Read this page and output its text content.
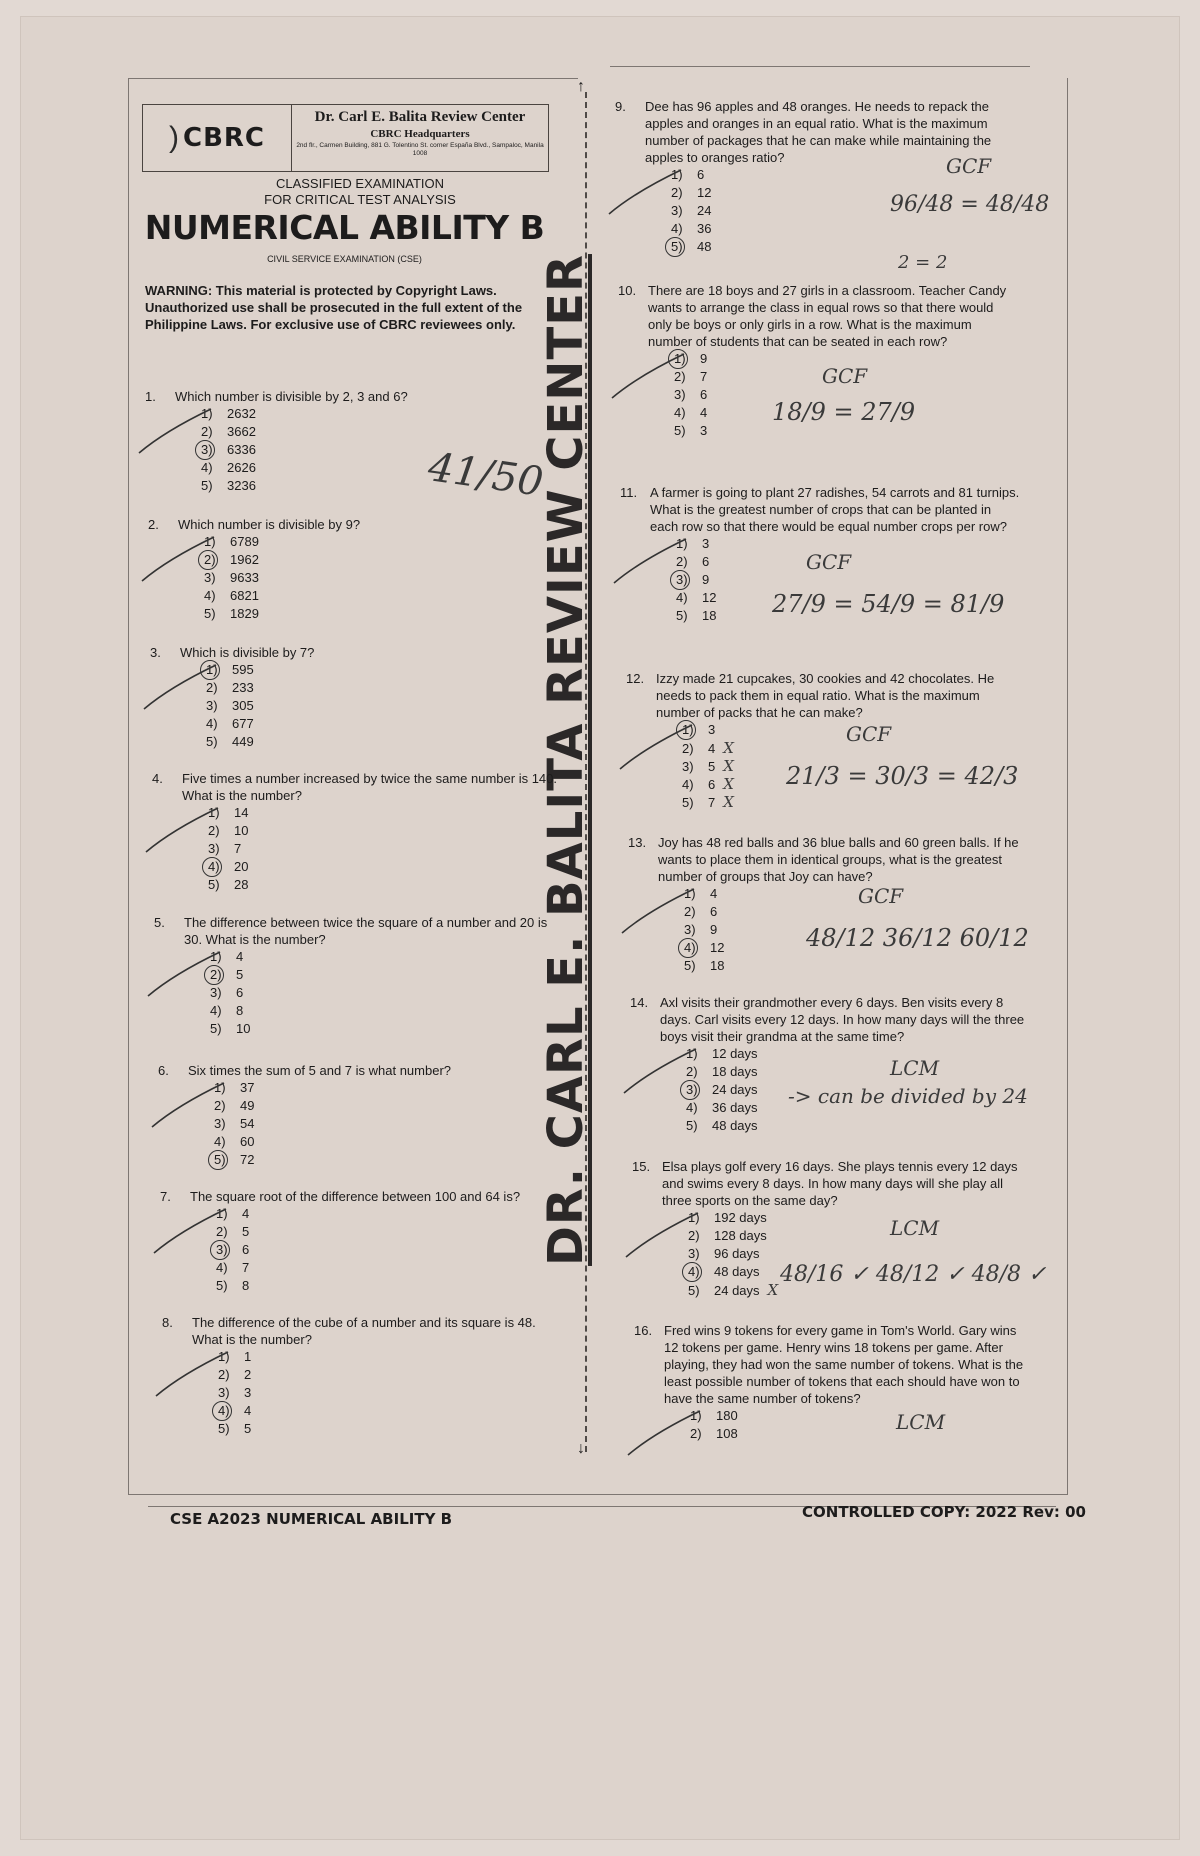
↑
↓
DR. CARL E. BALITA REVIEW CENTER
) CBRC
Dr. Carl E. Balita Review Center
CBRC Headquarters
2nd flr., Carmen Building, 881 G. Tolentino St. corner España Blvd., Sampaloc, Manila 1008
CLASSIFIED EXAMINATION
FOR CRITICAL TEST ANALYSIS
NUMERICAL ABILITY B
CIVIL SERVICE EXAMINATION (CSE)
WARNING: This material is protected by Copyright Laws. Unauthorized use shall be prosecuted in the full extent of the Philippine Laws. For exclusive use of CBRC reviewees only.
1. Which number is divisible by 2, 3 and 6?
1) 2632
2) 3662
3) 6336
4) 2626
5) 3236
2. Which number is divisible by 9?
1) 6789
2) 1962
3) 9633
4) 6821
5) 1829
3. Which is divisible by 7?
1) 595
2) 233
3) 305
4) 677
5) 449
4. Five times a number increased by twice the same number is 140. What is the number?
1) 14
2) 10
3) 7
4) 20
5) 28
5. The difference between twice the square of a number and 20 is 30. What is the number?
1) 4
2) 5
3) 6
4) 8
5) 10
6. Six times the sum of 5 and 7 is what number?
1) 37
2) 49
3) 54
4) 60
5) 72
7. The square root of the difference between 100 and 64 is?
1) 4
2) 5
3) 6
4) 7
5) 8
8. The difference of the cube of a number and its square is 48. What is the number?
1) 1
2) 2
3) 3
4) 4
5) 5
9. Dee has 96 apples and 48 oranges. He needs to repack the apples and oranges in an equal ratio. What is the maximum number of packages that he can make while maintaining the apples to oranges ratio?
1) 6
2) 12
3) 24
4) 36
5) 48
10. There are 18 boys and 27 girls in a classroom. Teacher Candy wants to arrange the class in equal rows so that there would only be boys or only girls in a row. What is the maximum number of students that can be seated in each row?
1) 9
2) 7
3) 6
4) 4
5) 3
11. A farmer is going to plant 27 radishes, 54 carrots and 81 turnips. What is the greatest number of crops that can be planted in each row so that there would be equal number crops per row?
1) 3
2) 6
3) 9
4) 12
5) 18
12. Izzy made 21 cupcakes, 30 cookies and 42 chocolates. He needs to pack them in equal ratio. What is the maximum number of packs that he can make?
1) 3
2) 4 X
3) 5 X
4) 6 X
5) 7 X
13. Joy has 48 red balls and 36 blue balls and 60 green balls. If he wants to place them in identical groups, what is the greatest number of groups that Joy can have?
1) 4
2) 6
3) 9
4) 12
5) 18
14. Axl visits their grandmother every 6 days. Ben visits every 8 days. Carl visits every 12 days. In how many days will the three boys visit their grandma at the same time?
1) 12 days
2) 18 days
3) 24 days
4) 36 days
5) 48 days
15. Elsa plays golf every 16 days. She plays tennis every 12 days and swims every 8 days. In how many days will she play all three sports on the same day?
1) 192 days
2) 128 days
3) 96 days
4) 48 days
5) 24 days X
16. Fred wins 9 tokens for every game in Tom's World. Gary wins 12 tokens per game. Henry wins 18 tokens per game. After playing, they had won the same number of tokens. What is the least possible number of tokens that each should have won to have the same number of tokens?
1) 180
2) 108
41/50
GCF
96/48 = 48/48
2 = 2
GCF
18/9 = 27/9
GCF
27/9 = 54/9 = 81/9
GCF
21/3 = 30/3 = 42/3
GCF
48/12 36/12 60/12
LCM
-> can be divided by 24
LCM
48/16 ✓ 48/12 ✓ 48/8 ✓
LCM
CSE A2023 NUMERICAL ABILITY B	CONTROLLED COPY: 2022 Rev: 00
